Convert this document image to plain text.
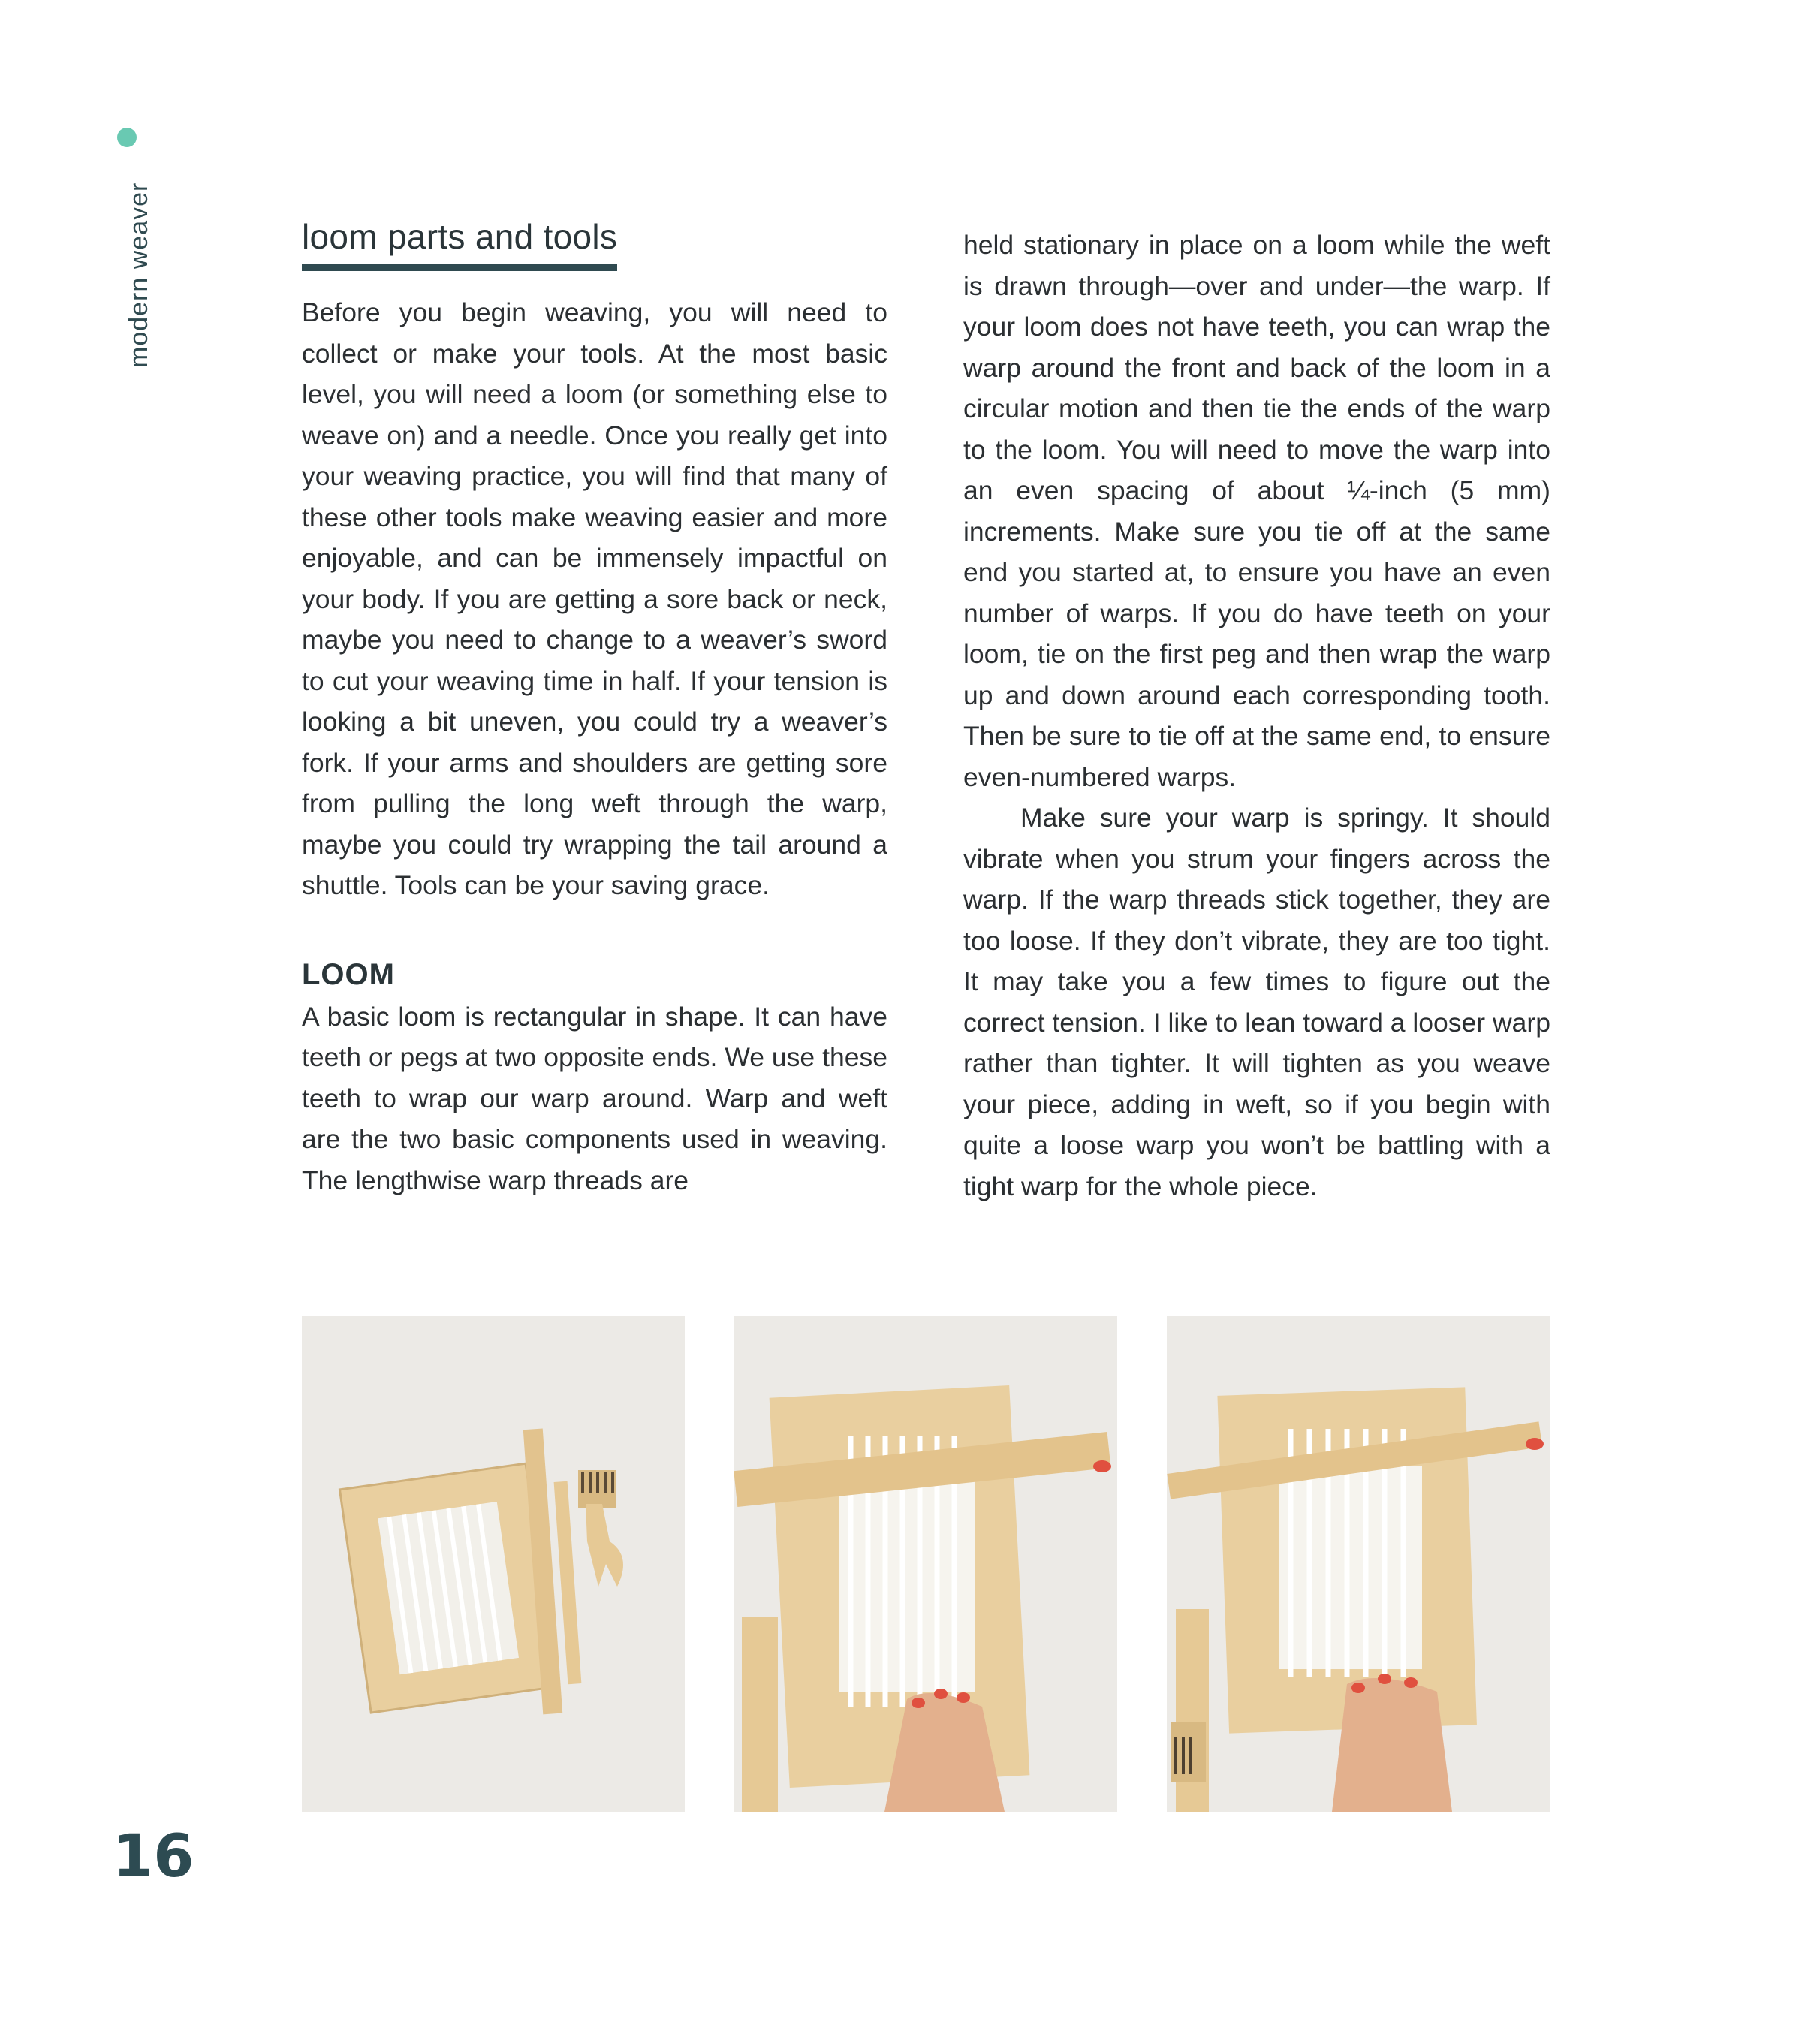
modern weaver	loom parts and tools

Before you begin weaving, you will need to collect or make your tools. At the most basic level, you will need a loom (or something else to weave on) and a needle. Once you really get into your weaving practice, you will find that many of these other tools make weaving easier and more enjoyable, and can be immensely impactful on your body. If you are getting a sore back or neck, maybe you need to change to a weaver’s sword to cut your weaving time in half. If your tension is looking a bit uneven, you could try a weaver’s fork. If your arms and shoulders are getting sore from pulling the long weft through the warp, maybe you could try wrapping the tail around a shuttle. Tools can be your saving grace.

LOOM

A basic loom is rectangular in shape. It can have teeth or pegs at two opposite ends. We use these teeth to wrap our warp around. Warp and weft are the two basic components used in weaving. The lengthwise warp threads are

held stationary in place on a loom while the weft is drawn through—over and under—the warp. If your loom does not have teeth, you can wrap the warp around the front and back of the loom in a circular motion and then tie the ends of the warp to the loom. You will need to move the warp into an even spacing of about ¼-inch (5 mm) increments. Make sure you tie off at the same end you started at, to ensure you have an even number of warps. If you do have teeth on your loom, tie on the first peg and then wrap the warp up and down around each corresponding tooth. Then be sure to tie off at the same end, to ensure even-numbered warps.

Make sure your warp is springy. It should vibrate when you strum your fingers across the warp. If the warp threads stick together, they are too loose. If they don’t vibrate, they are too tight. It may take you a few times to figure out the correct tension. I like to lean toward a looser warp rather than tighter. It will tighten as you weave your piece, adding in weft, so if you begin with quite a loose warp you won’t be battling with a tight warp for the whole piece.

16
